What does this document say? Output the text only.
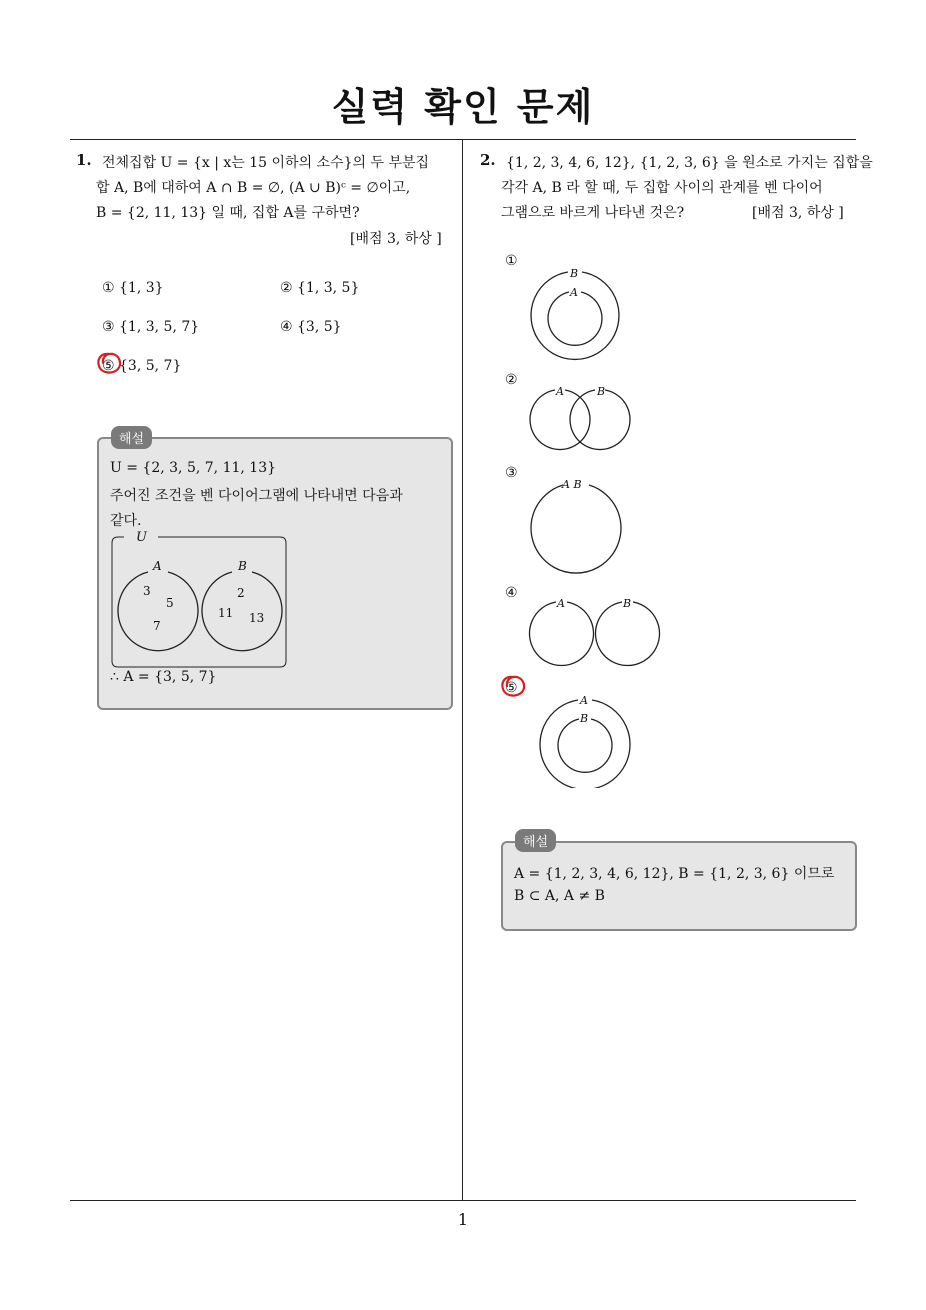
실력 확인 문제
1. 전체집합 U = {x | x는 15 이하의 소수}의 두 부분집
합 A, B에 대하여 A ∩ B = ∅, (A ∪ B)ᶜ = ∅이고,
B = {2, 11, 13} 일 때, 집합 A를 구하면?
[배점 3, 하상 ]
① {1, 3}	② {1, 3, 5}
③ {1, 3, 5, 7}	④ {3, 5}
⑤ {3, 5, 7}
해설
U = {2, 3, 5, 7, 11, 13}
주어진 조건을 벤 다이어그램에 나타내면 다음과
같다.
U
A	B
3
5
7
2
11 13
∴ A = {3, 5, 7}
2. {1, 2, 3, 4, 6, 12}, {1, 2, 3, 6} 을 원소로 가지는 집합을
각각 A, B 라 할 때, 두 집합 사이의 관계를 벤 다이어
그램으로 바르게 나타낸 것은?	[배점 3, 하상 ]
①
B
A
②
A	B
③
A B
④
A	B
⑤
A
B
해설
A = {1, 2, 3, 4, 6, 12}, B = {1, 2, 3, 6} 이므로
B ⊂ A, A ≠ B
1
